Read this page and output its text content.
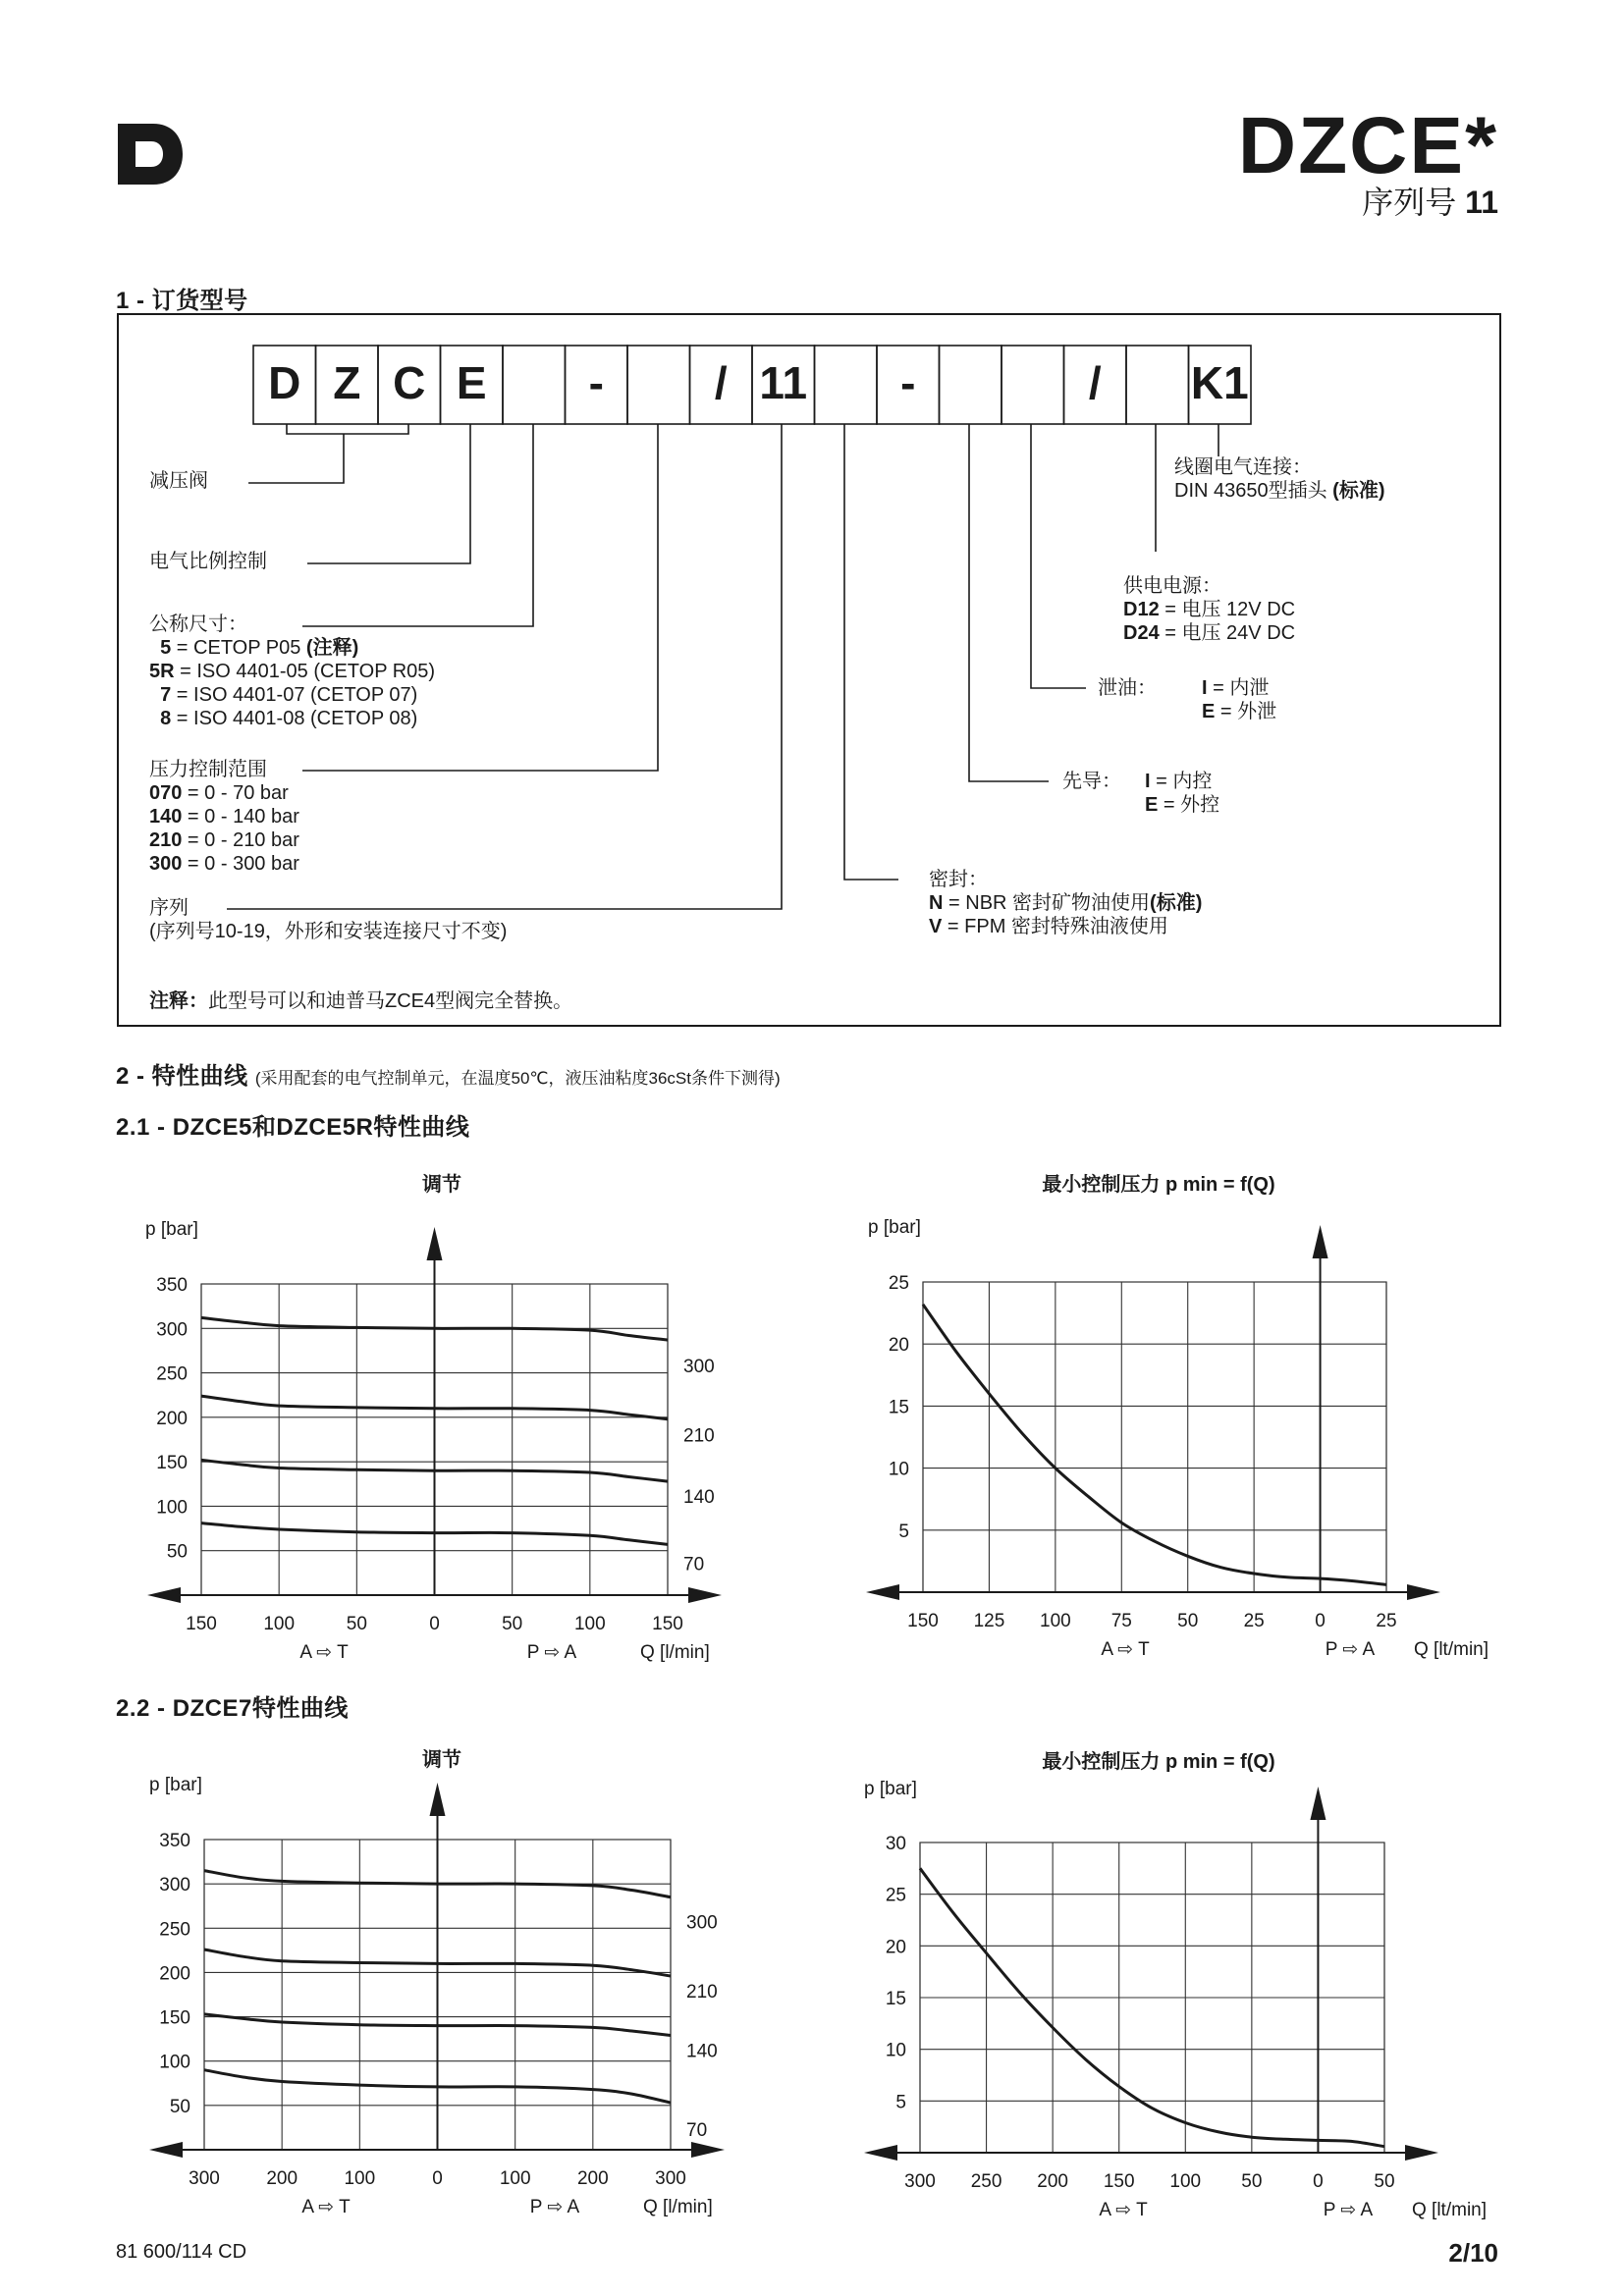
DZCE*
序列号 11
1 - 订货型号
D Z C E - / 11 -	/ K1
减压阀
电气比例控制
公称尺寸：
5 = CETOP P05 (注释)
5R = ISO 4401-05 (CETOP R05)
7 = ISO 4401-07 (CETOP 07)
8 = ISO 4401-08 (CETOP 08)
压力控制范围
070 = 0 - 70 bar
140 = 0 - 140 bar
210 = 0 - 210 bar
300 = 0 - 300 bar
序列
(序列号10-19，外形和安装连接尺寸不变)
注释：此型号可以和迪普马ZCE4型阀完全替换。
线圈电气连接：
DIN 43650型插头 (标准)
供电电源：
D12 = 电压 12V DC
D24 = 电压 24V DC
泄油： I = 内泄
E = 外泄
先导： I = 内控
E = 外控
密封：
N = NBR 密封矿物油使用(标准)
V = FPM 密封特殊油液使用
2 - 特性曲线 (采用配套的电气控制单元，在温度50℃，液压油粘度36cSt条件下测得)
2.1 - DZCE5和DZCE5R特性曲线
2.2 - DZCE7特性曲线
调节	最小控制压力 p min = f(Q)
调节	最小控制压力 p min = f(Q)
350
300
250
200
150
100
50
150 100	50	0	50	100 150
p [bar]
A ⇨ T	P ⇨ A	Q [l/min]
300
210
140
70
25
20
15
10
5
150 125 100 75 50 25	0	25
p [bar]
A ⇨ T	P ⇨ A Q [lt/min]
350
300
250
200
150
100
50
300 200 100	0	100 200 300
p [bar]
A ⇨ T	P ⇨ A	Q [l/min]
300
210
140
70
30
25
20
15
10
5
300 250 200 150 100 50	0	50
p [bar]
A ⇨ T	P ⇨ A Q [lt/min]
81 600/114 CD	2/10
